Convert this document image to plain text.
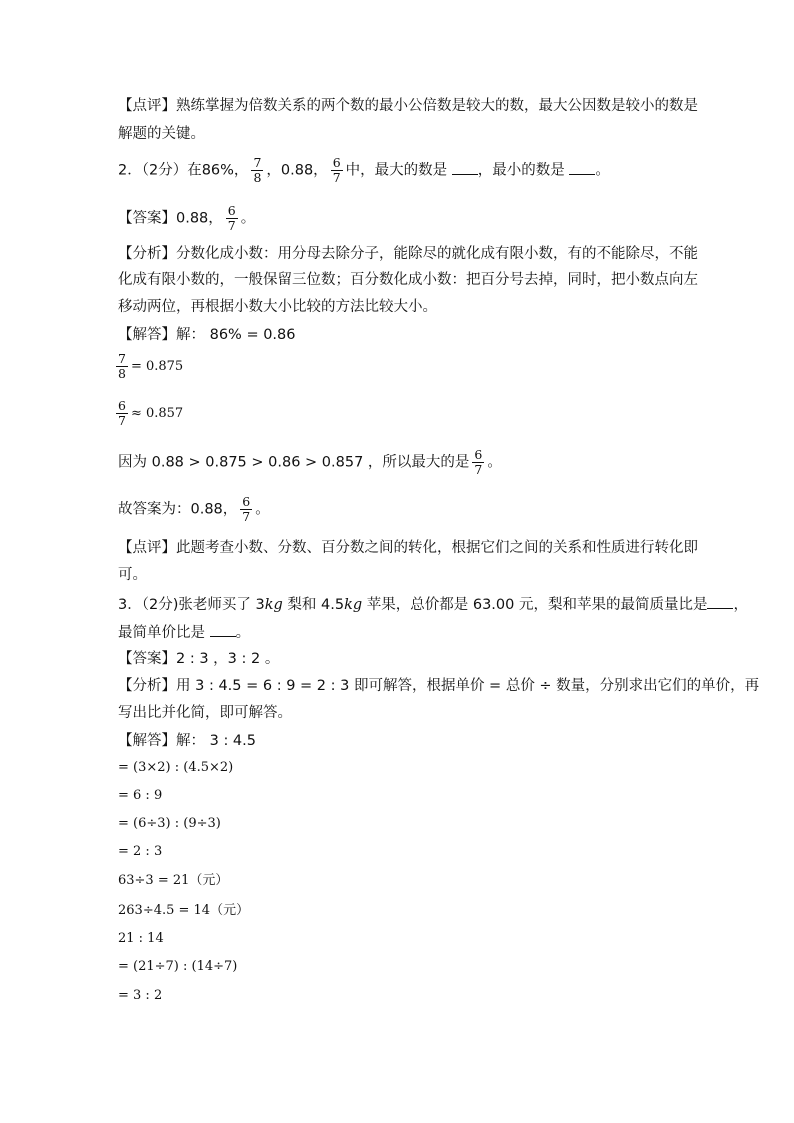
【点评】熟练掌握为倍数关系的两个数的最小公倍数是较大的数，最大公因数是较小的数是
解题的关键。
2．（2分）在86%， $\frac{7}{8}$ ，0.88， $\frac{6}{7}$ 中，最大的数是 ，最小的数是 。
【答案】0.88， $\frac{6}{7}$ 。
【分析】分数化成小数：用分母去除分子，能除尽的就化成有限小数，有的不能除尽，不能
化成有限小数的，一般保留三位数；百分数化成小数：把百分号去掉，同时，把小数点向左
移动两位，再根据小数大小比较的方法比较大小。
【解答】解： 86% = 0.86
$\frac{7}{8} = 0.875$
$\frac{6}{7} \approx 0.857$
因为 0.88 > 0.875 > 0.86 > 0.857 ，所以最大的是 $\frac{6}{7}$ 。
故答案为：0.88， $\frac{6}{7}$ 。
【点评】此题考查小数、分数、百分数之间的转化，根据它们之间的关系和性质进行转化即
可。
3．（2分)张老师买了 3kg 梨和 4.5kg 苹果，总价都是 63.00 元，梨和苹果的最简质量比是 ，
最简单价比是 。
【答案】2 : 3 ，3 : 2 。
【分析】用 3 : 4.5 = 6 : 9 = 2 : 3 即可解答，根据单价 = 总价 ÷ 数量，分别求出它们的单价，再
写出比并化简，即可解答。
【解答】解： 3 : 4.5
= (3×2) : (4.5×2)
= 6 : 9
= (6÷3) : (9÷3)
= 2 : 3
63÷3 = 21（元）
263÷4.5 = 14（元）
21 : 14
= (21÷7) : (14÷7)
= 3 : 2
